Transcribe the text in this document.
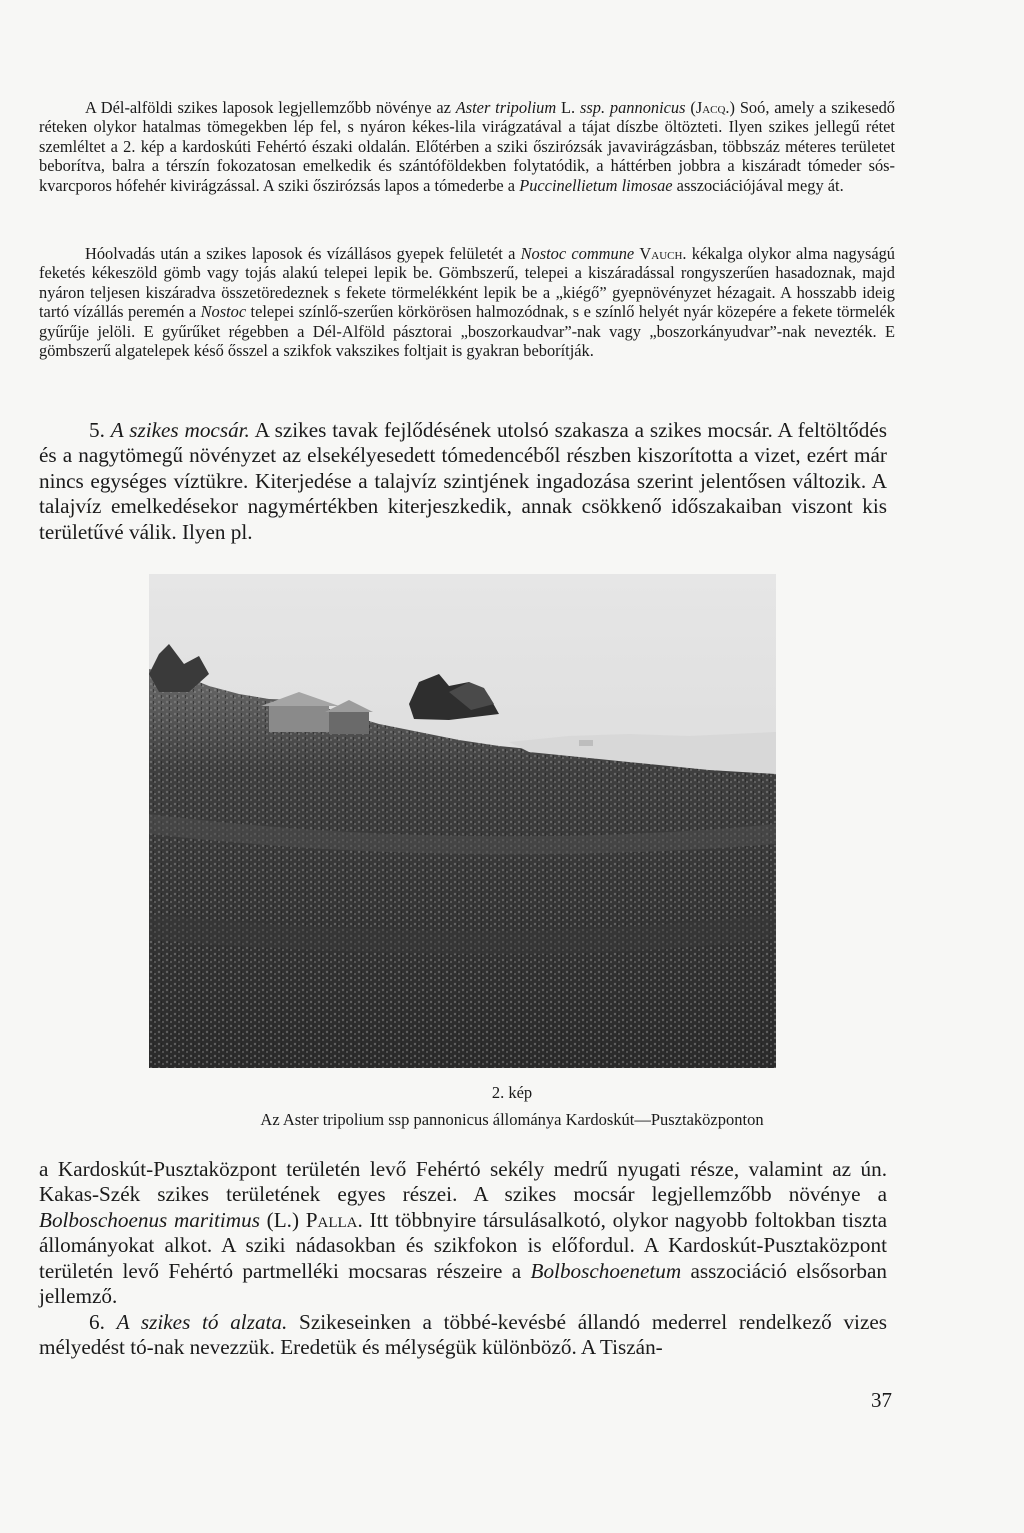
A Dél-alföldi szikes laposok legjellemzőbb növénye az Aster tripolium L. ssp. pannonicus (Jacq.) Soó, amely a szikesedő réteken olykor hatalmas tömegekben lép fel, s nyáron kékes-lila virágzatával a tájat díszbe öltözteti. Ilyen szikes jellegű rétet szemléltet a 2. kép a kardoskúti Fehértó északi oldalán. Előtérben a sziki őszirózsák javavirágzásban, többszáz méteres területet beborítva, balra a térszín fokozatosan emelkedik és szántóföldekben folytatódik, a háttérben jobbra a kiszáradt tómeder sós-kvarcporos hófehér kivirágzással. A sziki őszirózsás lapos a tómederbe a Puccinellietum limosae asszociációjával megy át.

Hóolvadás után a szikes laposok és vízállásos gyepek felületét a Nostoc commune Vauch. kékalga olykor alma nagyságú feketés kékeszöld gömb vagy tojás alakú telepei lepik be. Gömbszerű, telepei a kiszáradással rongyszerűen hasadoznak, majd nyáron teljesen kiszáradva összetöredeznek s fekete törmelékként lepik be a „kiégő” gyepnövényzet hézagait. A hosszabb ideig tartó vízállás peremén a Nostoc telepei színlő-szerűen körkörösen halmozódnak, s e színlő helyét nyár közepére a fekete törmelék gyűrűje jelöli. E gyűrűket régebben a Dél-Alföld pásztorai „boszorkaudvar”-nak vagy „boszorkányudvar”-nak nevezték. E gömbszerű algatelepek késő ősszel a szikfok vakszikes foltjait is gyakran beborítják.

5. A szikes mocsár. A szikes tavak fejlődésének utolsó szakasza a szikes mocsár. A feltöltődés és a nagytömegű növényzet az elsekélyesedett tómedencéből részben kiszorította a vizet, ezért már nincs egységes víztükre. Kiterjedése a talajvíz szintjének ingadozása szerint jelentősen változik. A talajvíz emelkedésekor nagymértékben kiterjeszkedik, annak csökkenő időszakaiban viszont kis területűvé válik. Ilyen pl.

2. kép

Az Aster tripolium ssp pannonicus állománya Kardoskút—Pusztaközponton

a Kardoskút-Pusztaközpont területén levő Fehértó sekély medrű nyugati része, valamint az ún. Kakas-Szék szikes területének egyes részei. A szikes mocsár legjellemzőbb növénye a Bolboschoenus maritimus (L.) Palla. Itt többnyire társulásalkotó, olykor nagyobb foltokban tiszta állományokat alkot. A sziki nádasokban és szikfokon is előfordul. A Kardoskút-Pusztaközpont területén levő Fehértó partmelléki mocsaras részeire a Bolboschoenetum asszociáció elsősorban jellemző.

6. A szikes tó alzata. Szikeseinken a többé-kevésbé állandó mederrel rendelkező vizes mélyedést tó-nak nevezzük. Eredetük és mélységük különböző. A Tiszán-

37
